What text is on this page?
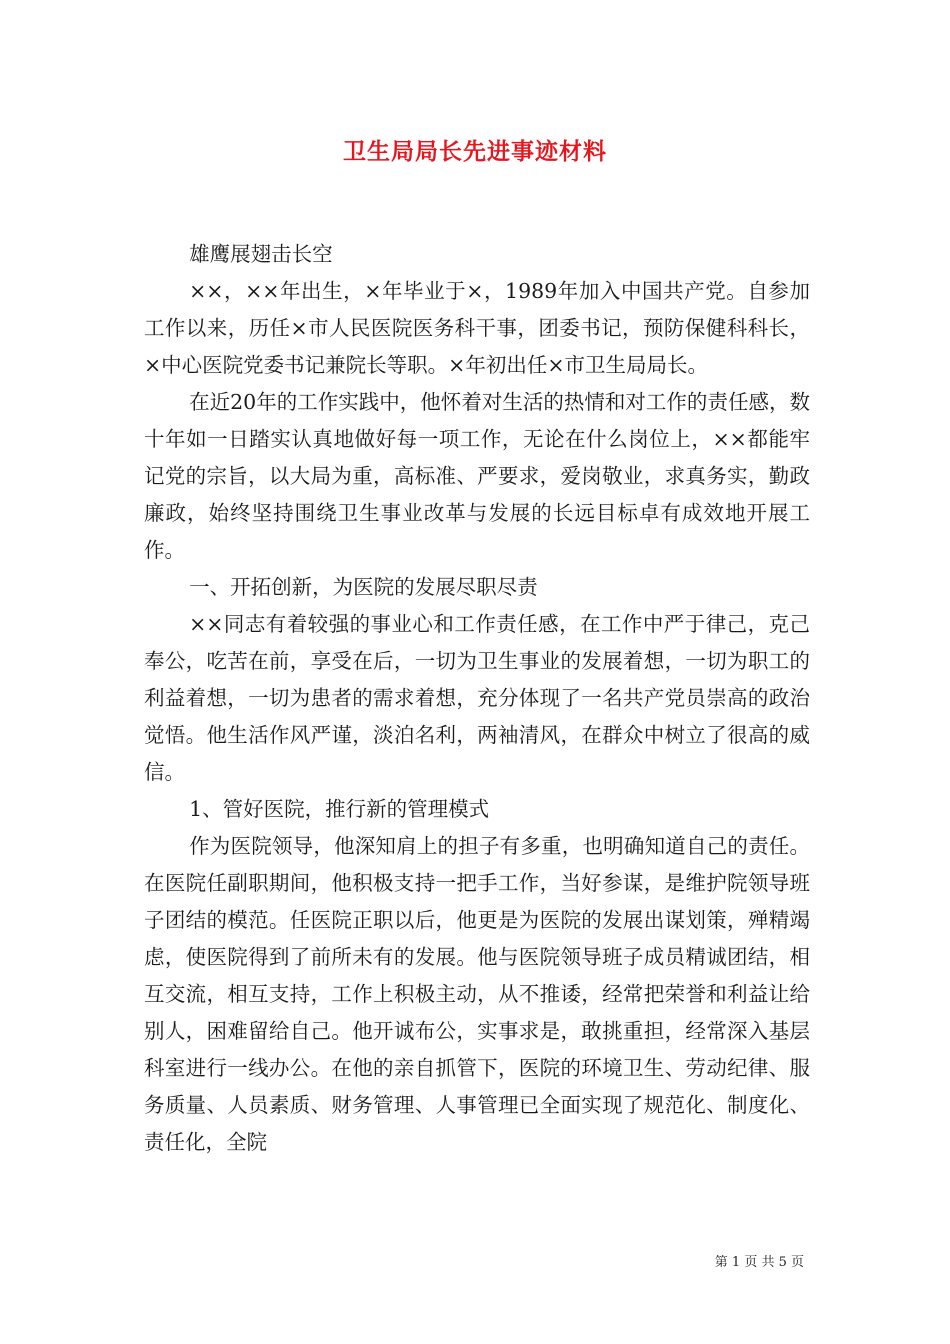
卫生局局长先进事迹材料

雄鹰展翅击长空

××，××年出生，×年毕业于×，1989年加入中国共产党。自参加工作以来，历任×市人民医院医务科干事，团委书记，预防保健科科长，×中心医院党委书记兼院长等职。×年初出任×市卫生局局长。

在近20年的工作实践中，他怀着对生活的热情和对工作的责任感，数十年如一日踏实认真地做好每一项工作，无论在什么岗位上，××都能牢记党的宗旨，以大局为重，高标准、严要求，爱岗敬业，求真务实，勤政廉政，始终坚持围绕卫生事业改革与发展的长远目标卓有成效地开展工作。

一、开拓创新，为医院的发展尽职尽责

××同志有着较强的事业心和工作责任感，在工作中严于律己，克己奉公，吃苦在前，享受在后，一切为卫生事业的发展着想，一切为职工的利益着想，一切为患者的需求着想，充分体现了一名共产党员崇高的政治觉悟。他生活作风严谨，淡泊名利，两袖清风，在群众中树立了很高的威信。

1、管好医院，推行新的管理模式

作为医院领导，他深知肩上的担子有多重，也明确知道自己的责任。在医院任副职期间，他积极支持一把手工作，当好参谋，是维护院领导班子团结的模范。任医院正职以后，他更是为医院的发展出谋划策，殚精竭虑，使医院得到了前所未有的发展。他与医院领导班子成员精诚团结，相互交流，相互支持，工作上积极主动，从不推诿，经常把荣誉和利益让给别人，困难留给自己。他开诚布公，实事求是，敢挑重担，经常深入基层科室进行一线办公。在他的亲自抓管下，医院的环境卫生、劳动纪律、服务质量、人员素质、财务管理、人事管理已全面实现了规范化、制度化、责任化，全院

第 1 页 共 5 页
